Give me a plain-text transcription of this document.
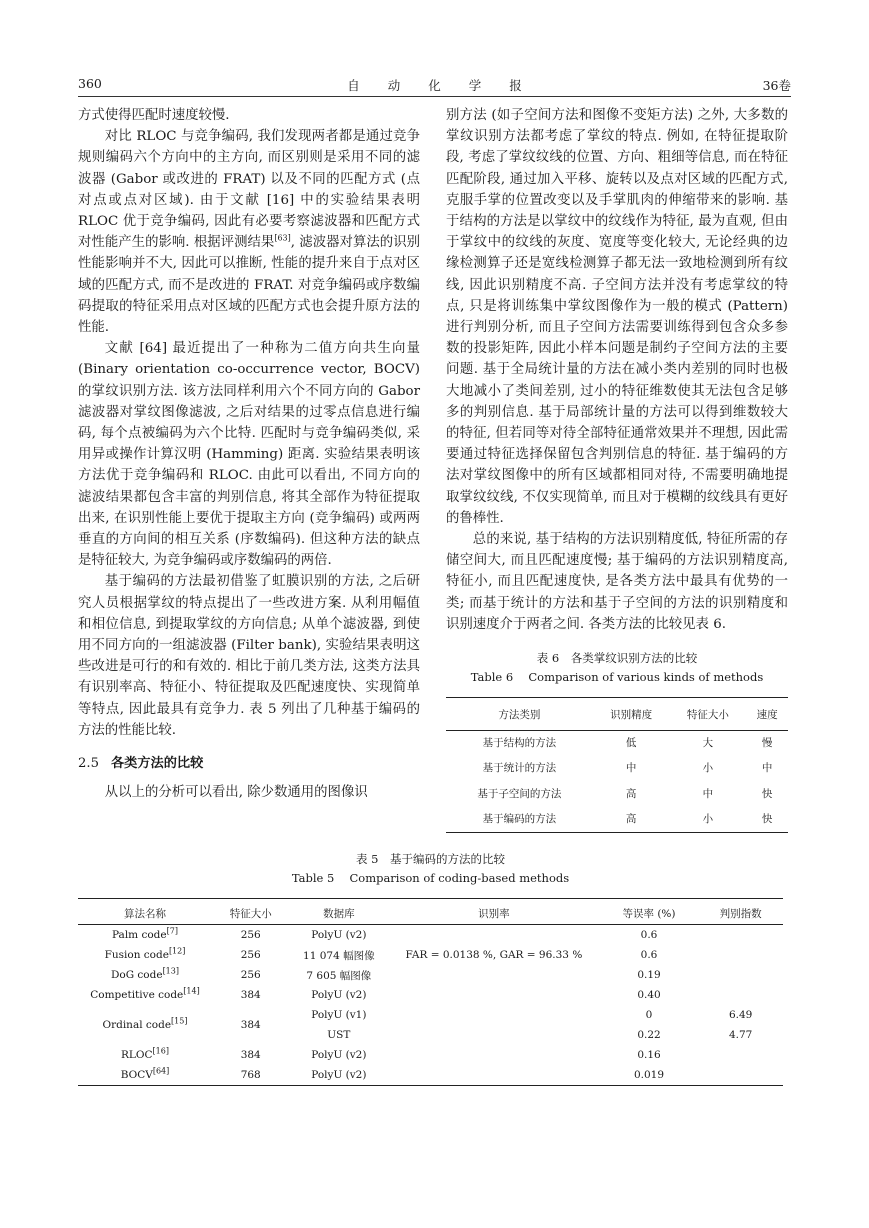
360	自动化学报	36卷

方式使得匹配时速度较慢.

对比 RLOC 与竞争编码, 我们发现两者都是通过竞争规则编码六个方向中的主方向, 而区别则是采用不同的滤波器 (Gabor 或改进的 FRAT) 以及不同的匹配方式 (点对点或点对区域). 由于文献 [16] 中的实验结果表明 RLOC 优于竞争编码, 因此有必要考察滤波器和匹配方式对性能产生的影响. 根据评测结果[63], 滤波器对算法的识别性能影响并不大, 因此可以推断, 性能的提升来自于点对区域的匹配方式, 而不是改进的 FRAT. 对竞争编码或序数编码提取的特征采用点对区域的匹配方式也会提升原方法的性能.

文献 [64] 最近提出了一种称为二值方向共生向量 (Binary orientation co-occurrence vector, BOCV) 的掌纹识别方法. 该方法同样利用六个不同方向的 Gabor 滤波器对掌纹图像滤波, 之后对结果的过零点信息进行编码, 每个点被编码为六个比特. 匹配时与竞争编码类似, 采用异或操作计算汉明 (Hamming) 距离. 实验结果表明该方法优于竞争编码和 RLOC. 由此可以看出, 不同方向的滤波结果都包含丰富的判别信息, 将其全部作为特征提取出来, 在识别性能上要优于提取主方向 (竞争编码) 或两两垂直的方向间的相互关系 (序数编码). 但这种方法的缺点是特征较大, 为竞争编码或序数编码的两倍.

基于编码的方法最初借鉴了虹膜识别的方法, 之后研究人员根据掌纹的特点提出了一些改进方案. 从利用幅值和相位信息, 到提取掌纹的方向信息; 从单个滤波器, 到使用不同方向的一组滤波器 (Filter bank), 实验结果表明这些改进是可行的和有效的. 相比于前几类方法, 这类方法具有识别率高、特征小、特征提取及匹配速度快、实现简单等特点, 因此最具有竞争力. 表 5 列出了几种基于编码的方法的性能比较.

2.5 各类方法的比较

从以上的分析可以看出, 除少数通用的图像识

别方法 (如子空间方法和图像不变矩方法) 之外, 大多数的掌纹识别方法都考虑了掌纹的特点. 例如, 在特征提取阶段, 考虑了掌纹纹线的位置、方向、粗细等信息, 而在特征匹配阶段, 通过加入平移、旋转以及点对区域的匹配方式, 克服手掌的位置改变以及手掌肌肉的伸缩带来的影响. 基于结构的方法是以掌纹中的纹线作为特征, 最为直观, 但由于掌纹中的纹线的灰度、宽度等变化较大, 无论经典的边缘检测算子还是宽线检测算子都无法一致地检测到所有纹线, 因此识别精度不高. 子空间方法并没有考虑掌纹的特点, 只是将训练集中掌纹图像作为一般的模式 (Pattern) 进行判别分析, 而且子空间方法需要训练得到包含众多参数的投影矩阵, 因此小样本问题是制约子空间方法的主要问题. 基于全局统计量的方法在减小类内差别的同时也极大地减小了类间差别, 过小的特征维数使其无法包含足够多的判别信息. 基于局部统计量的方法可以得到维数较大的特征, 但若同等对待全部特征通常效果并不理想, 因此需要通过特征选择保留包含判别信息的特征. 基于编码的方法对掌纹图像中的所有区域都相同对待, 不需要明确地提取掌纹纹线, 不仅实现简单, 而且对于模糊的纹线具有更好的鲁棒性.

总的来说, 基于结构的方法识别精度低, 特征所需的存储空间大, 而且匹配速度慢; 基于编码的方法识别精度高, 特征小, 而且匹配速度快, 是各类方法中最具有优势的一类; 而基于统计的方法和基于子空间的方法的识别精度和识别速度介于两者之间. 各类方法的比较见表 6.

表 6　各类掌纹识别方法的比较
Table 6　 Comparison of various kinds of methods
方法类别	识别精度	特征大小	速度
基于结构的方法	低	大	慢
基于统计的方法	中	小	中
基于子空间的方法	高	中	快
基于编码的方法	高	小	快
表 5　基于编码的方法的比较
Table 5　 Comparison of coding-based methods
算法名称	特征大小	数据库	识别率	等误率 (%)	判别指数
Palm code[7]	256	PolyU (v2)		0.6	
Fusion code[12]	256	11 074 幅图像	FAR = 0.0138 %, GAR = 96.33 %	0.6	
DoG code[13]	256	7 605 幅图像		0.19	
Competitive code[14]	384	PolyU (v2)		0.40	
Ordinal code[15]	384	PolyU (v1)		0	6.49
		UST		0.22	4.77
RLOC[16]	384	PolyU (v2)		0.16	
BOCV[64]	768	PolyU (v2)		0.019	
